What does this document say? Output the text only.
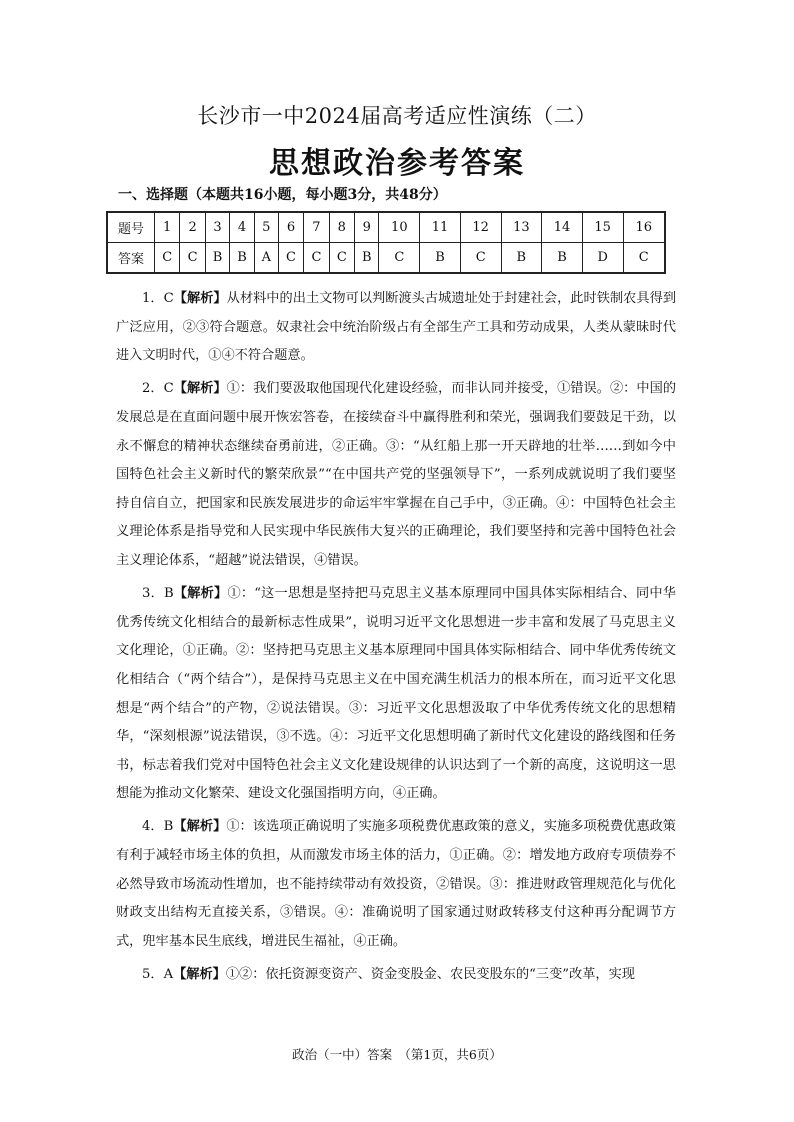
长沙市一中2024届高考适应性演练（二）
思想政治参考答案
一、选择题（本题共16小题，每小题3分，共48分）
题号	1	2	3	4	5	6	7	8	9	10	11	12	13	14	15	16
答案	C	C	B	B	A	C	C	C	B	C	B	C	B	B	D	C

1．C【解析】从材料中的出土文物可以判断渡头古城遗址处于封建社会，此时铁制农具得到广泛应用，②③符合题意。奴隶社会中统治阶级占有全部生产工具和劳动成果，人类从蒙昧时代进入文明时代，①④不符合题意。

2．C【解析】①：我们要汲取他国现代化建设经验，而非认同并接受，①错误。②：中国的发展总是在直面问题中展开恢宏答卷，在接续奋斗中赢得胜利和荣光，强调我们要鼓足干劲，以永不懈怠的精神状态继续奋勇前进，②正确。③：“从红船上那一开天辟地的壮举……到如今中国特色社会主义新时代的繁荣欣景”“在中国共产党的坚强领导下”，一系列成就说明了我们要坚持自信自立，把国家和民族发展进步的命运牢牢掌握在自己手中，③正确。④：中国特色社会主义理论体系是指导党和人民实现中华民族伟大复兴的正确理论，我们要坚持和完善中国特色社会主义理论体系，“超越”说法错误，④错误。

3．B【解析】①：“这一思想是坚持把马克思主义基本原理同中国具体实际相结合、同中华优秀传统文化相结合的最新标志性成果”，说明习近平文化思想进一步丰富和发展了马克思主义文化理论，①正确。②：坚持把马克思主义基本原理同中国具体实际相结合、同中华优秀传统文化相结合（“两个结合”），是保持马克思主义在中国充满生机活力的根本所在，而习近平文化思想是“两个结合”的产物，②说法错误。③：习近平文化思想汲取了中华优秀传统文化的思想精华，“深刻根源”说法错误，③不选。④：习近平文化思想明确了新时代文化建设的路线图和任务书，标志着我们党对中国特色社会主义文化建设规律的认识达到了一个新的高度，这说明这一思想能为推动文化繁荣、建设文化强国指明方向，④正确。

4．B【解析】①：该选项正确说明了实施多项税费优惠政策的意义，实施多项税费优惠政策有利于减轻市场主体的负担，从而激发市场主体的活力，①正确。②：增发地方政府专项债券不必然导致市场流动性增加，也不能持续带动有效投资，②错误。③：推进财政管理规范化与优化财政支出结构无直接关系，③错误。④：准确说明了国家通过财政转移支付这种再分配调节方式，兜牢基本民生底线，增进民生福祉，④正确。

5．A【解析】①②：依托资源变资产、资金变股金、农民变股东的“三变”改革，实现

政治（一中）答案　（第1页，共6页）
